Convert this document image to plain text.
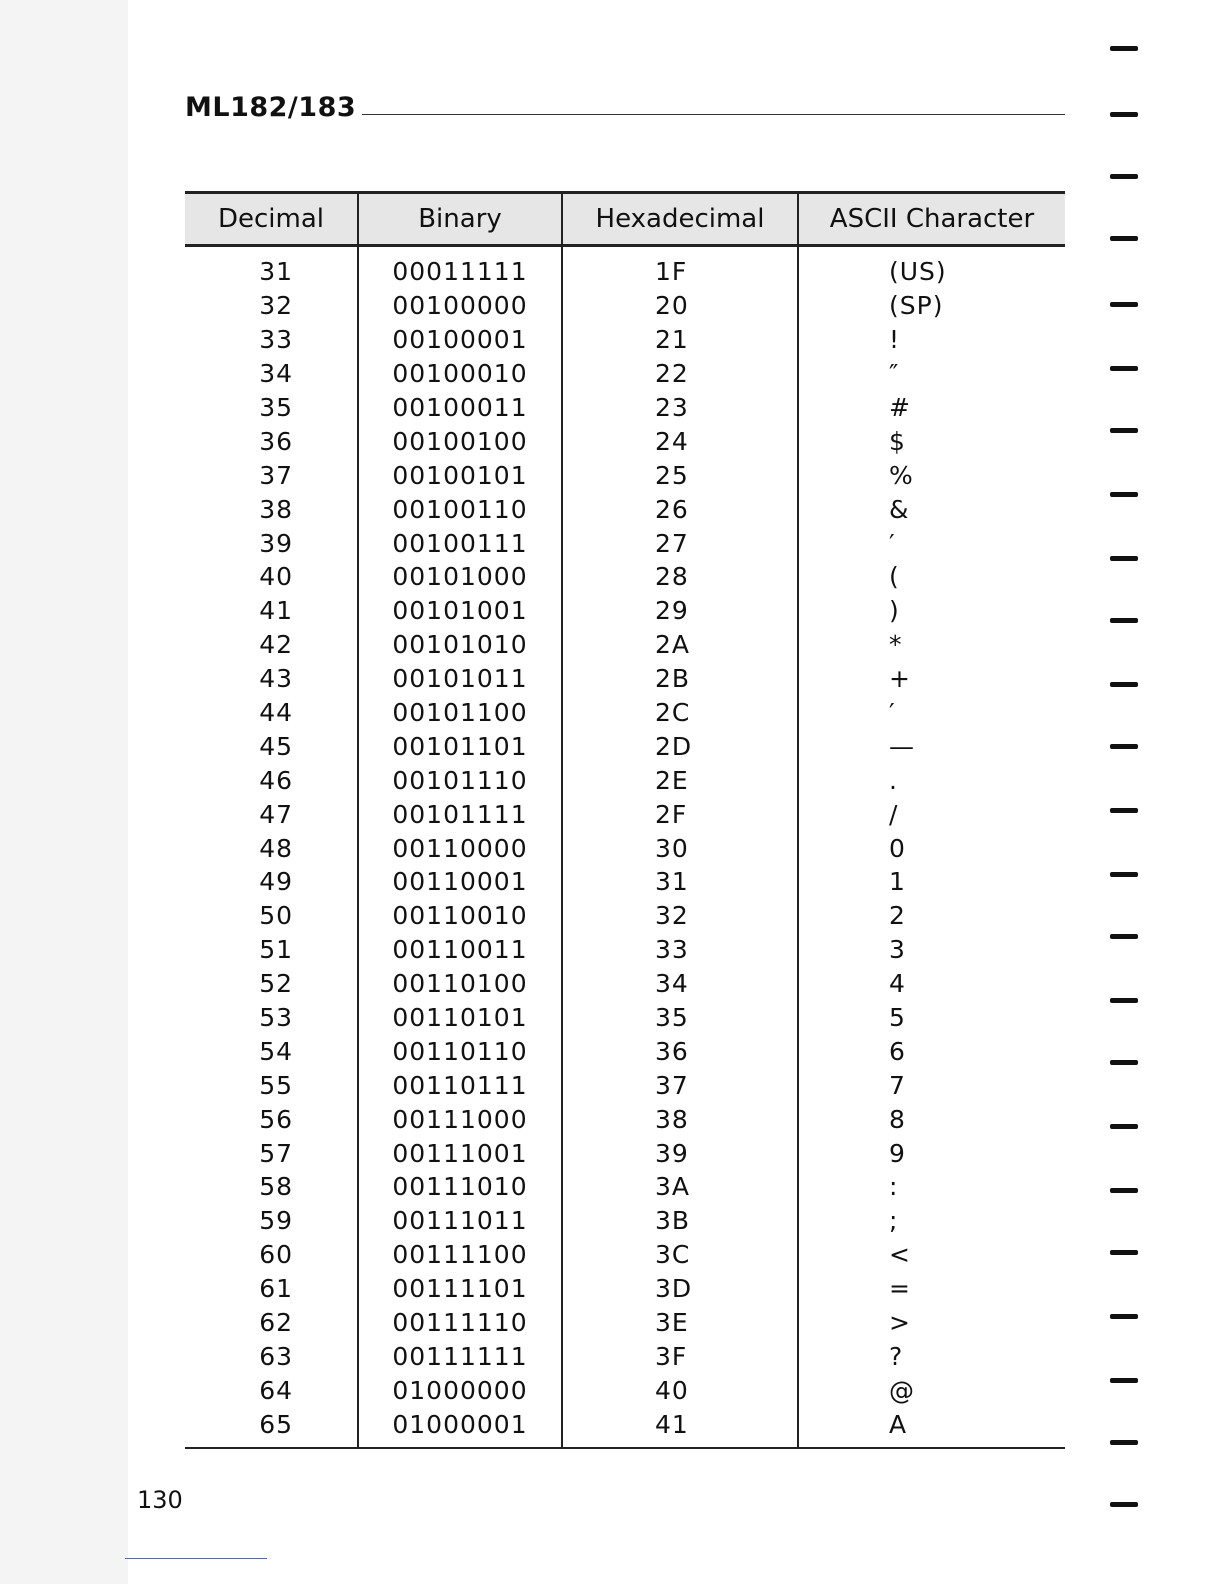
ML182/183
Decimal	Binary	Hexadecimal	ASCII Character
31	00011111	1F	(US)
32	00100000	20	(SP)
33	00100001	21	!
34	00100010	22	″
35	00100011	23	#
36	00100100	24	$
37	00100101	25	%
38	00100110	26	&
39	00100111	27	′
40	00101000	28	(
41	00101001	29	)
42	00101010	2A	*
43	00101011	2B	+
44	00101100	2C	′
45	00101101	2D	—
46	00101110	2E	.
47	00101111	2F	/
48	00110000	30	0
49	00110001	31	1
50	00110010	32	2
51	00110011	33	3
52	00110100	34	4
53	00110101	35	5
54	00110110	36	6
55	00110111	37	7
56	00111000	38	8
57	00111001	39	9
58	00111010	3A	:
59	00111011	3B	;
60	00111100	3C	<
61	00111101	3D	=
62	00111110	3E	>
63	00111111	3F	?
64	01000000	40	@
65	01000001	41	A
130
